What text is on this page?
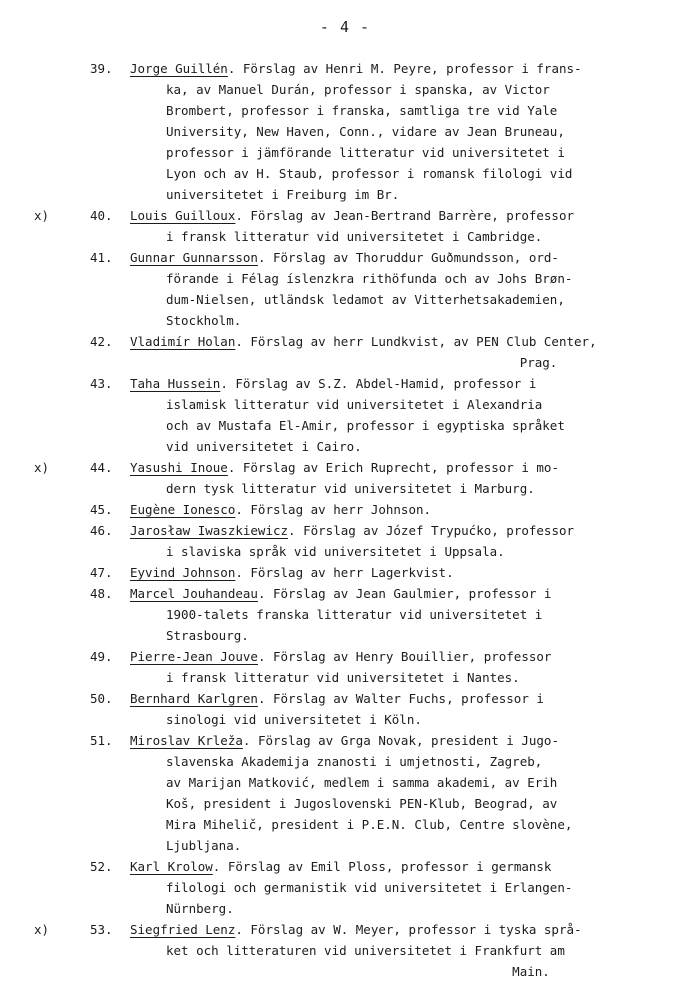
- 4 -
39.	Jorge Guillén. Förslag av Henri M. Peyre, professor i frans-
ka, av Manuel Durán, professor i spanska, av Victor
Brombert, professor i franska, samtliga tre vid Yale
University, New Haven, Conn., vidare av Jean Bruneau,
professor i jämförande litteratur vid universitetet i
Lyon och av H. Staub, professor i romansk filologi vid
universitetet i Freiburg im Br.
x)	40.	Louis Guilloux. Förslag av Jean-Bertrand Barrère, professor
i fransk litteratur vid universitetet i Cambridge.
41.	Gunnar Gunnarsson. Förslag av Thoruddur Guðmundsson, ord-
förande i Félag íslenzkra rithöfunda och av Johs Brøn-
dum-Nielsen, utländsk ledamot av Vitterhetsakademien,
Stockholm.
42.	Vladimír Holan. Förslag av herr Lundkvist, av PEN Club Center,
Prag.
43.	Taha Hussein. Förslag av S.Z. Abdel-Hamid, professor i
islamisk litteratur vid universitetet i Alexandria
och av Mustafa El-Amir, professor i egyptiska språket
vid universitetet i Cairo.
x)	44.	Yasushi Inoue. Förslag av Erich Ruprecht, professor i mo-
dern tysk litteratur vid universitetet i Marburg.
45.	Eugène Ionesco. Förslag av herr Johnson.
46.	Jarosław Iwaszkiewicz. Förslag av Józef Trypućko, professor
i slaviska språk vid universitetet i Uppsala.
47.	Eyvind Johnson. Förslag av herr Lagerkvist.
48.	Marcel Jouhandeau. Förslag av Jean Gaulmier, professor i
1900-talets franska litteratur vid universitetet i
Strasbourg.
49.	Pierre-Jean Jouve. Förslag av Henry Bouillier, professor
i fransk litteratur vid universitetet i Nantes.
50.	Bernhard Karlgren. Förslag av Walter Fuchs, professor i
sinologi vid universitetet i Köln.
51.	Miroslav Krleža. Förslag av Grga Novak, president i Jugo-
slavenska Akademija znanosti i umjetnosti, Zagreb,
av Marijan Matković, medlem i samma akademi, av Erih
Koš, president i Jugoslovenski PEN-Klub, Beograd, av
Mira Mihelič, president i P.E.N. Club, Centre slovène,
Ljubljana.
52.	Karl Krolow. Förslag av Emil Ploss, professor i germansk
filologi och germanistik vid universitetet i Erlangen-
Nürnberg.
x)	53.	Siegfried Lenz. Förslag av W. Meyer, professor i tyska språ-
ket och litteraturen vid universitetet i Frankfurt am
Main.
